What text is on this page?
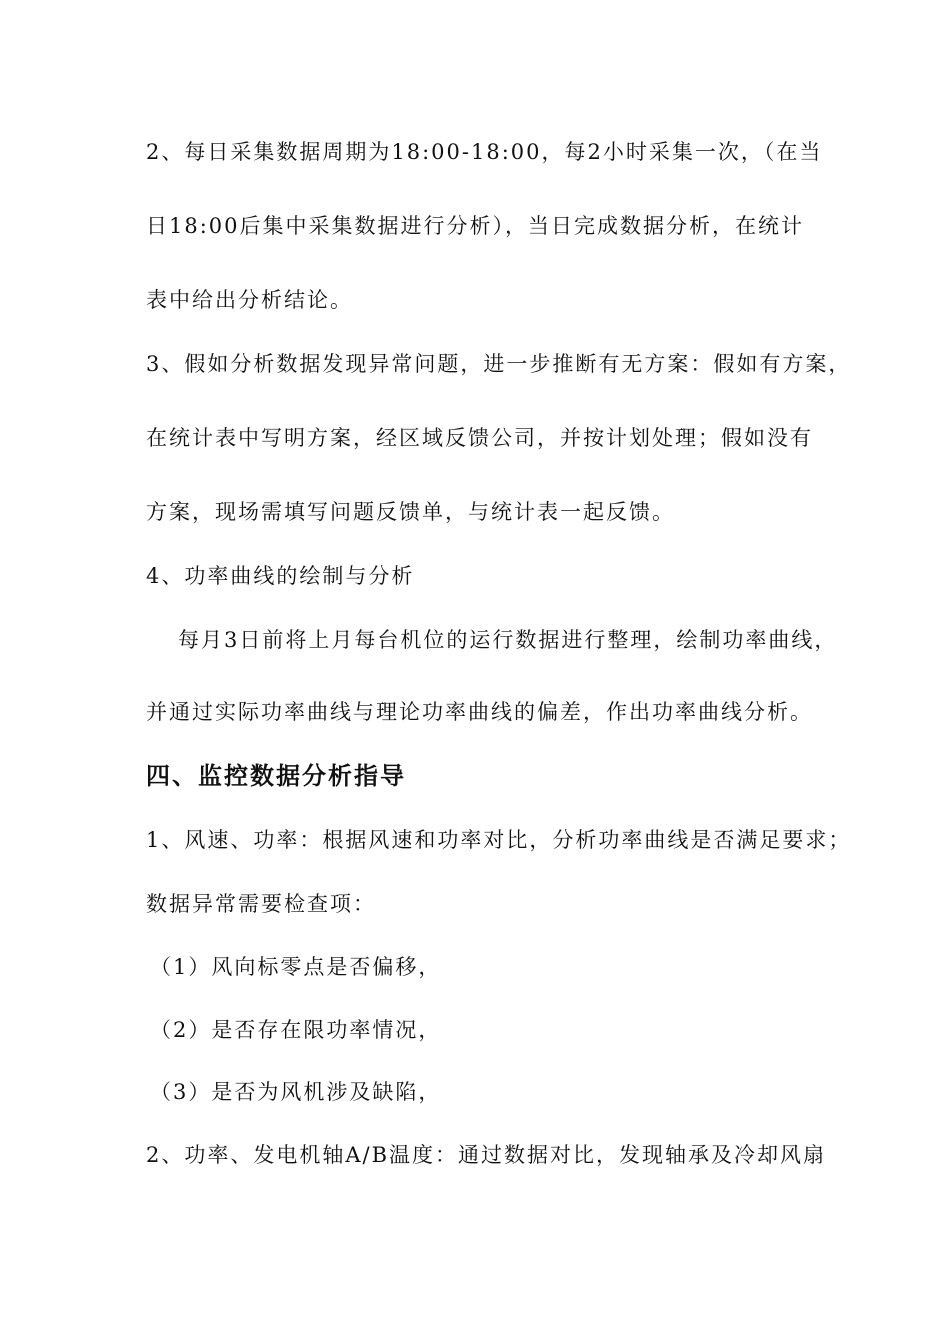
2、每日采集数据周期为18:00-18:00，每2小时采集一次，（在当
日18:00后集中采集数据进行分析），当日完成数据分析，在统计
表中给出分析结论。
3、假如分析数据发现异常问题，进一步推断有无方案：假如有方案，
在统计表中写明方案，经区域反馈公司，并按计划处理；假如没有
方案，现场需填写问题反馈单，与统计表一起反馈。
4、功率曲线的绘制与分析
每月3日前将上月每台机位的运行数据进行整理，绘制功率曲线，
并通过实际功率曲线与理论功率曲线的偏差，作出功率曲线分析。
四、监控数据分析指导
1、风速、功率：根据风速和功率对比，分析功率曲线是否满足要求；
数据异常需要检查项：
（1）风向标零点是否偏移，
（2）是否存在限功率情况，
（3）是否为风机涉及缺陷，
2、功率、发电机轴A/B温度：通过数据对比，发现轴承及冷却风扇
